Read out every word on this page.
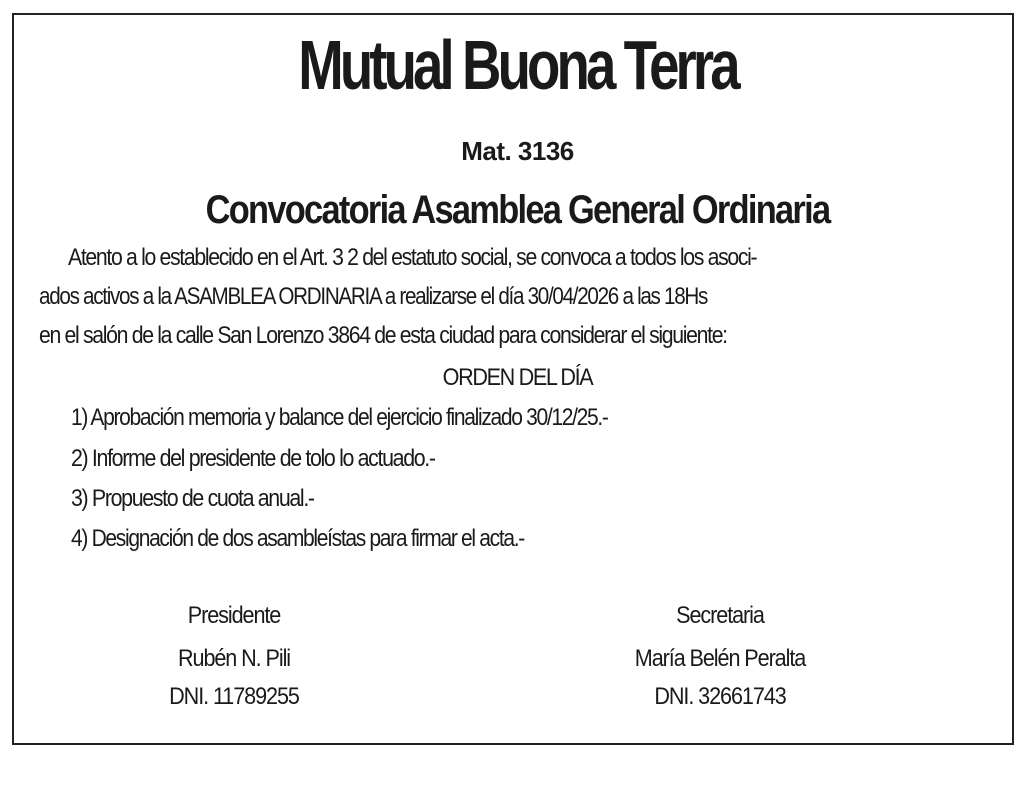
Mutual Buona Terra
Mat. 3136
Convocatoria Asamblea General Ordinaria
Atento a lo establecido en el Art. 3 2 del estatuto social, se convoca a todos los asoci-
ados activos a la ASAMBLEA ORDINARIA a realizarse el día 30/04/2026 a las 18Hs
en el salón de la calle San Lorenzo 3864 de esta ciudad para considerar el siguiente:
ORDEN DEL DÍA
1) Aprobación memoria y balance del ejercicio finalizado 30/12/25.-
2) Informe del presidente de tolo lo actuado.-
3) Propuesto de cuota anual.-
4) Designación de dos asambleístas para firmar el acta.-
Presidente
Rubén N. Pili
DNI. 11789255
Secretaria
María Belén Peralta
DNI. 32661743
